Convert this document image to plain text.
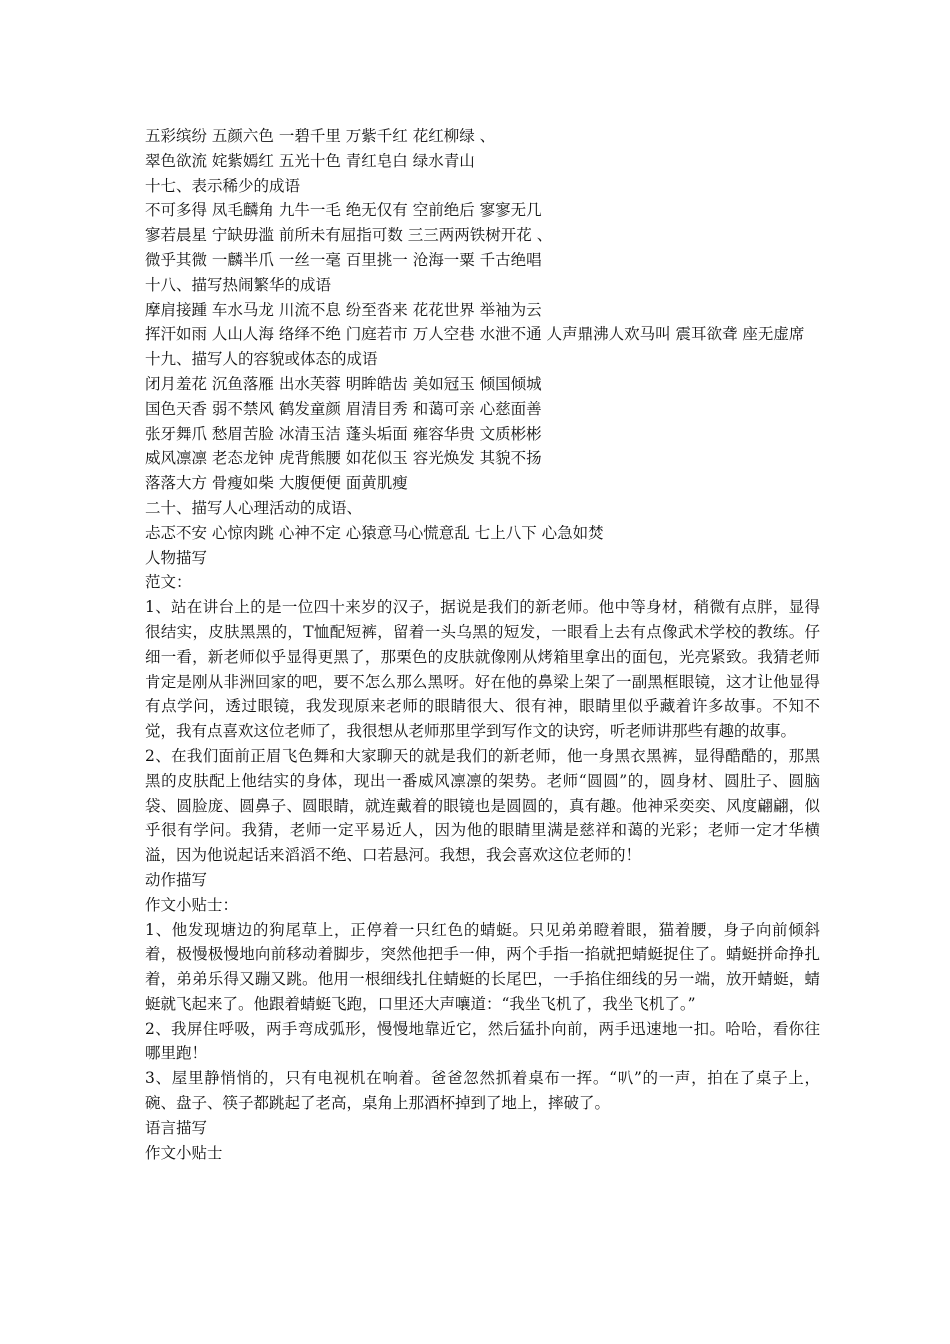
五彩缤纷 五颜六色 一碧千里 万紫千红 花红柳绿 、
翠色欲流 姹紫嫣红 五光十色 青红皂白 绿水青山
十七、表示稀少的成语
不可多得 凤毛麟角 九牛一毛 绝无仅有 空前绝后 寥寥无几
寥若晨星 宁缺毋滥 前所未有屈指可数 三三两两铁树开花 、
微乎其微 一麟半爪 一丝一毫 百里挑一 沧海一粟 千古绝唱
十八、描写热闹繁华的成语
摩肩接踵 车水马龙 川流不息 纷至沓来 花花世界 举袖为云
挥汗如雨 人山人海 络绎不绝 门庭若市 万人空巷 水泄不通 人声鼎沸人欢马叫 震耳欲聋 座无虚席
十九、描写人的容貌或体态的成语
闭月羞花 沉鱼落雁 出水芙蓉 明眸皓齿 美如冠玉 倾国倾城
国色天香 弱不禁风 鹤发童颜 眉清目秀 和蔼可亲 心慈面善
张牙舞爪 愁眉苦脸 冰清玉洁 蓬头垢面 雍容华贵 文质彬彬
威风凛凛 老态龙钟 虎背熊腰 如花似玉 容光焕发 其貌不扬
落落大方 骨瘦如柴 大腹便便 面黄肌瘦
二十、描写人心理活动的成语、
忐忑不安 心惊肉跳 心神不定 心猿意马心慌意乱 七上八下 心急如焚
人物描写
范文：
1、站在讲台上的是一位四十来岁的汉子，据说是我们的新老师。他中等身材，稍微有点胖，显得很结实，皮肤黑黑的，T恤配短裤，留着一头乌黑的短发，一眼看上去有点像武术学校的教练。仔细一看，新老师似乎显得更黑了，那栗色的皮肤就像刚从烤箱里拿出的面包，光亮紧致。我猜老师肯定是刚从非洲回家的吧，要不怎么那么黑呀。好在他的鼻梁上架了一副黑框眼镜，这才让他显得有点学问，透过眼镜，我发现原来老师的眼睛很大、很有神，眼睛里似乎藏着许多故事。不知不觉，我有点喜欢这位老师了，我很想从老师那里学到写作文的诀窍，听老师讲那些有趣的故事。
2、在我们面前正眉飞色舞和大家聊天的就是我们的新老师，他一身黑衣黑裤，显得酷酷的，那黑黑的皮肤配上他结实的身体，现出一番威风凛凛的架势。老师“圆圆”的，圆身材、圆肚子、圆脑袋、圆脸庞、圆鼻子、圆眼睛，就连戴着的眼镜也是圆圆的，真有趣。他神采奕奕、风度翩翩，似乎很有学问。我猜，老师一定平易近人，因为他的眼睛里满是慈祥和蔼的光彩；老师一定才华横溢，因为他说起话来滔滔不绝、口若悬河。我想，我会喜欢这位老师的！
动作描写
作文小贴士：
1、他发现塘边的狗尾草上，正停着一只红色的蜻蜓。只见弟弟瞪着眼，猫着腰，身子向前倾斜着，极慢极慢地向前移动着脚步，突然他把手一伸，两个手指一掐就把蜻蜓捉住了。蜻蜓拼命挣扎着，弟弟乐得又蹦又跳。他用一根细线扎住蜻蜓的长尾巴，一手掐住细线的另一端，放开蜻蜓，蜻蜓就飞起来了。他跟着蜻蜓飞跑，口里还大声嚷道：“我坐飞机了，我坐飞机了。”
2、我屏住呼吸，两手弯成弧形，慢慢地靠近它，然后猛扑向前，两手迅速地一扣。哈哈，看你往哪里跑！
3、屋里静悄悄的，只有电视机在响着。爸爸忽然抓着桌布一挥。“叭”的一声，拍在了桌子上，碗、盘子、筷子都跳起了老高，桌角上那酒杯掉到了地上，摔破了。
语言描写
作文小贴士
